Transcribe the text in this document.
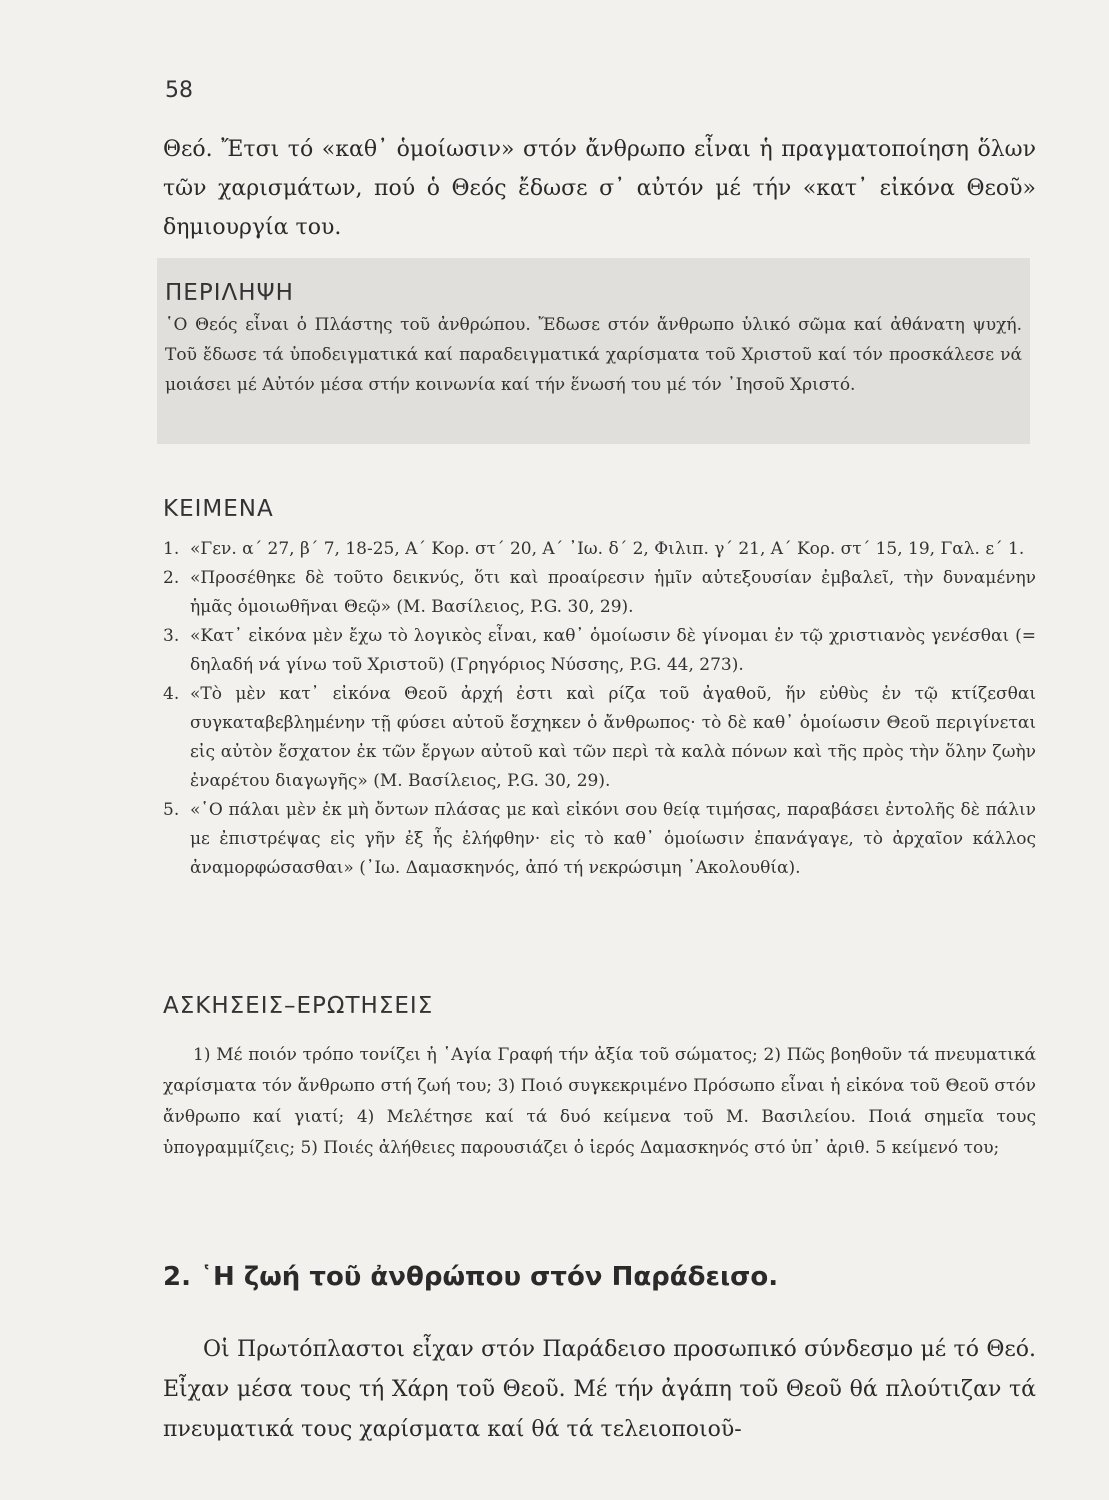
58

Θεό. Ἔτσι τό «καθ᾿ ὁμοίωσιν» στόν ἄνθρωπο εἶναι ἡ πραγματοποίηση ὅλων τῶν χαρισμάτων, πού ὁ Θεός ἔδωσε σ᾿ αὐτόν μέ τήν «κατ᾿ εἰκόνα Θεοῦ» δημιουργία του.

ΠΕΡΙΛΗΨΗ

῾Ο Θεός εἶναι ὁ Πλάστης τοῦ ἀνθρώπου. Ἔδωσε στόν ἄνθρωπο ὑλικό σῶμα καί ἀθάνατη ψυχή. Τοῦ ἔδωσε τά ὑποδειγματικά καί παραδειγματικά χαρίσματα τοῦ Χριστοῦ καί τόν προσκάλεσε νά μοιάσει μέ Αὐτόν μέσα στήν κοινωνία καί τήν ἕνωσή του μέ τόν ᾿Ιησοῦ Χριστό.

ΚΕΙΜΕΝΑ
1. «Γεν. α΄ 27, β΄ 7, 18-25, Α΄ Κορ. στ΄ 20, Α΄ ᾿Ιω. δ΄ 2, Φιλιπ. γ΄ 21, Α΄ Κορ. στ΄ 15, 19, Γαλ. ε΄ 1.
2. «Προσέθηκε δὲ τοῦτο δεικνύς, ὅτι καὶ προαίρεσιν ἡμῖν αὐτεξουσίαν ἐμβαλεῖ, τὴν δυναμένην ἡμᾶς ὁμοιωθῆναι Θεῷ» (Μ. Βασίλειος, P.G. 30, 29).
3. «Κατ᾿ εἰκόνα μὲν ἔχω τὸ λογικὸς εἶναι, καθ᾿ ὁμοίωσιν δὲ γίνομαι ἐν τῷ χριστιανὸς γενέσθαι (= δηλαδή νά γίνω τοῦ Χριστοῦ) (Γρηγόριος Νύσσης, P.G. 44, 273).
4. «Τὸ μὲν κατ᾿ εἰκόνα Θεοῦ ἀρχή ἐστι καὶ ρίζα τοῦ ἀγαθοῦ, ἥν εὐθὺς ἐν τῷ κτίζεσθαι συγκαταβεβλημένην τῇ φύσει αὐτοῦ ἔσχηκεν ὁ ἄνθρωπος· τὸ δὲ καθ᾿ ὁμοίωσιν Θεοῦ περιγίνεται εἰς αὐτὸν ἔσχατον ἐκ τῶν ἔργων αὐτοῦ καὶ τῶν περὶ τὰ καλὰ πόνων καὶ τῆς πρὸς τὴν ὅλην ζωὴν ἐναρέτου διαγωγῆς» (Μ. Βασίλειος, P.G. 30, 29).
5. «῾Ο πάλαι μὲν ἐκ μὴ ὄντων πλάσας με καὶ εἰκόνι σου θείᾳ τιμήσας, παραβάσει ἐντολῆς δὲ πάλιν με ἐπιστρέψας εἰς γῆν ἐξ ἧς ἐλήφθην· εἰς τὸ καθ᾿ ὁμοίωσιν ἐπανάγαγε, τὸ ἀρχαῖον κάλλος ἀναμορφώσασθαι» (᾿Ιω. Δαμασκηνός, ἀπό τή νεκρώσιμη ᾿Ακολουθία).
ΑΣΚΗΣΕΙΣ–ΕΡΩΤΗΣΕΙΣ

1) Μέ ποιόν τρόπο τονίζει ἡ ῾Αγία Γραφή τήν ἀξία τοῦ σώματος; 2) Πῶς βοηθοῦν τά πνευματικά χαρίσματα τόν ἄνθρωπο στή ζωή του; 3) Ποιό συγκεκριμένο Πρόσωπο εἶναι ἡ εἰκόνα τοῦ Θεοῦ στόν ἄνθρωπο καί γιατί; 4) Μελέτησε καί τά δυό κείμενα τοῦ Μ. Βασιλείου. Ποιά σημεῖα τους ὑπογραμμίζεις; 5) Ποιές ἀλήθειες παρουσιάζει ὁ ἱερός Δαμασκηνός στό ὑπ᾿ ἀριθ. 5 κείμενό του;

2. ῾Η ζωή τοῦ ἀνθρώπου στόν Παράδεισο.

Οἱ Πρωτόπλαστοι εἶχαν στόν Παράδεισο προσωπικό σύνδεσμο μέ τό Θεό. Εἶχαν μέσα τους τή Χάρη τοῦ Θεοῦ. Μέ τήν ἀγάπη τοῦ Θεοῦ θά πλούτιζαν τά πνευματικά τους χαρίσματα καί θά τά τελειοποιοῦ-
